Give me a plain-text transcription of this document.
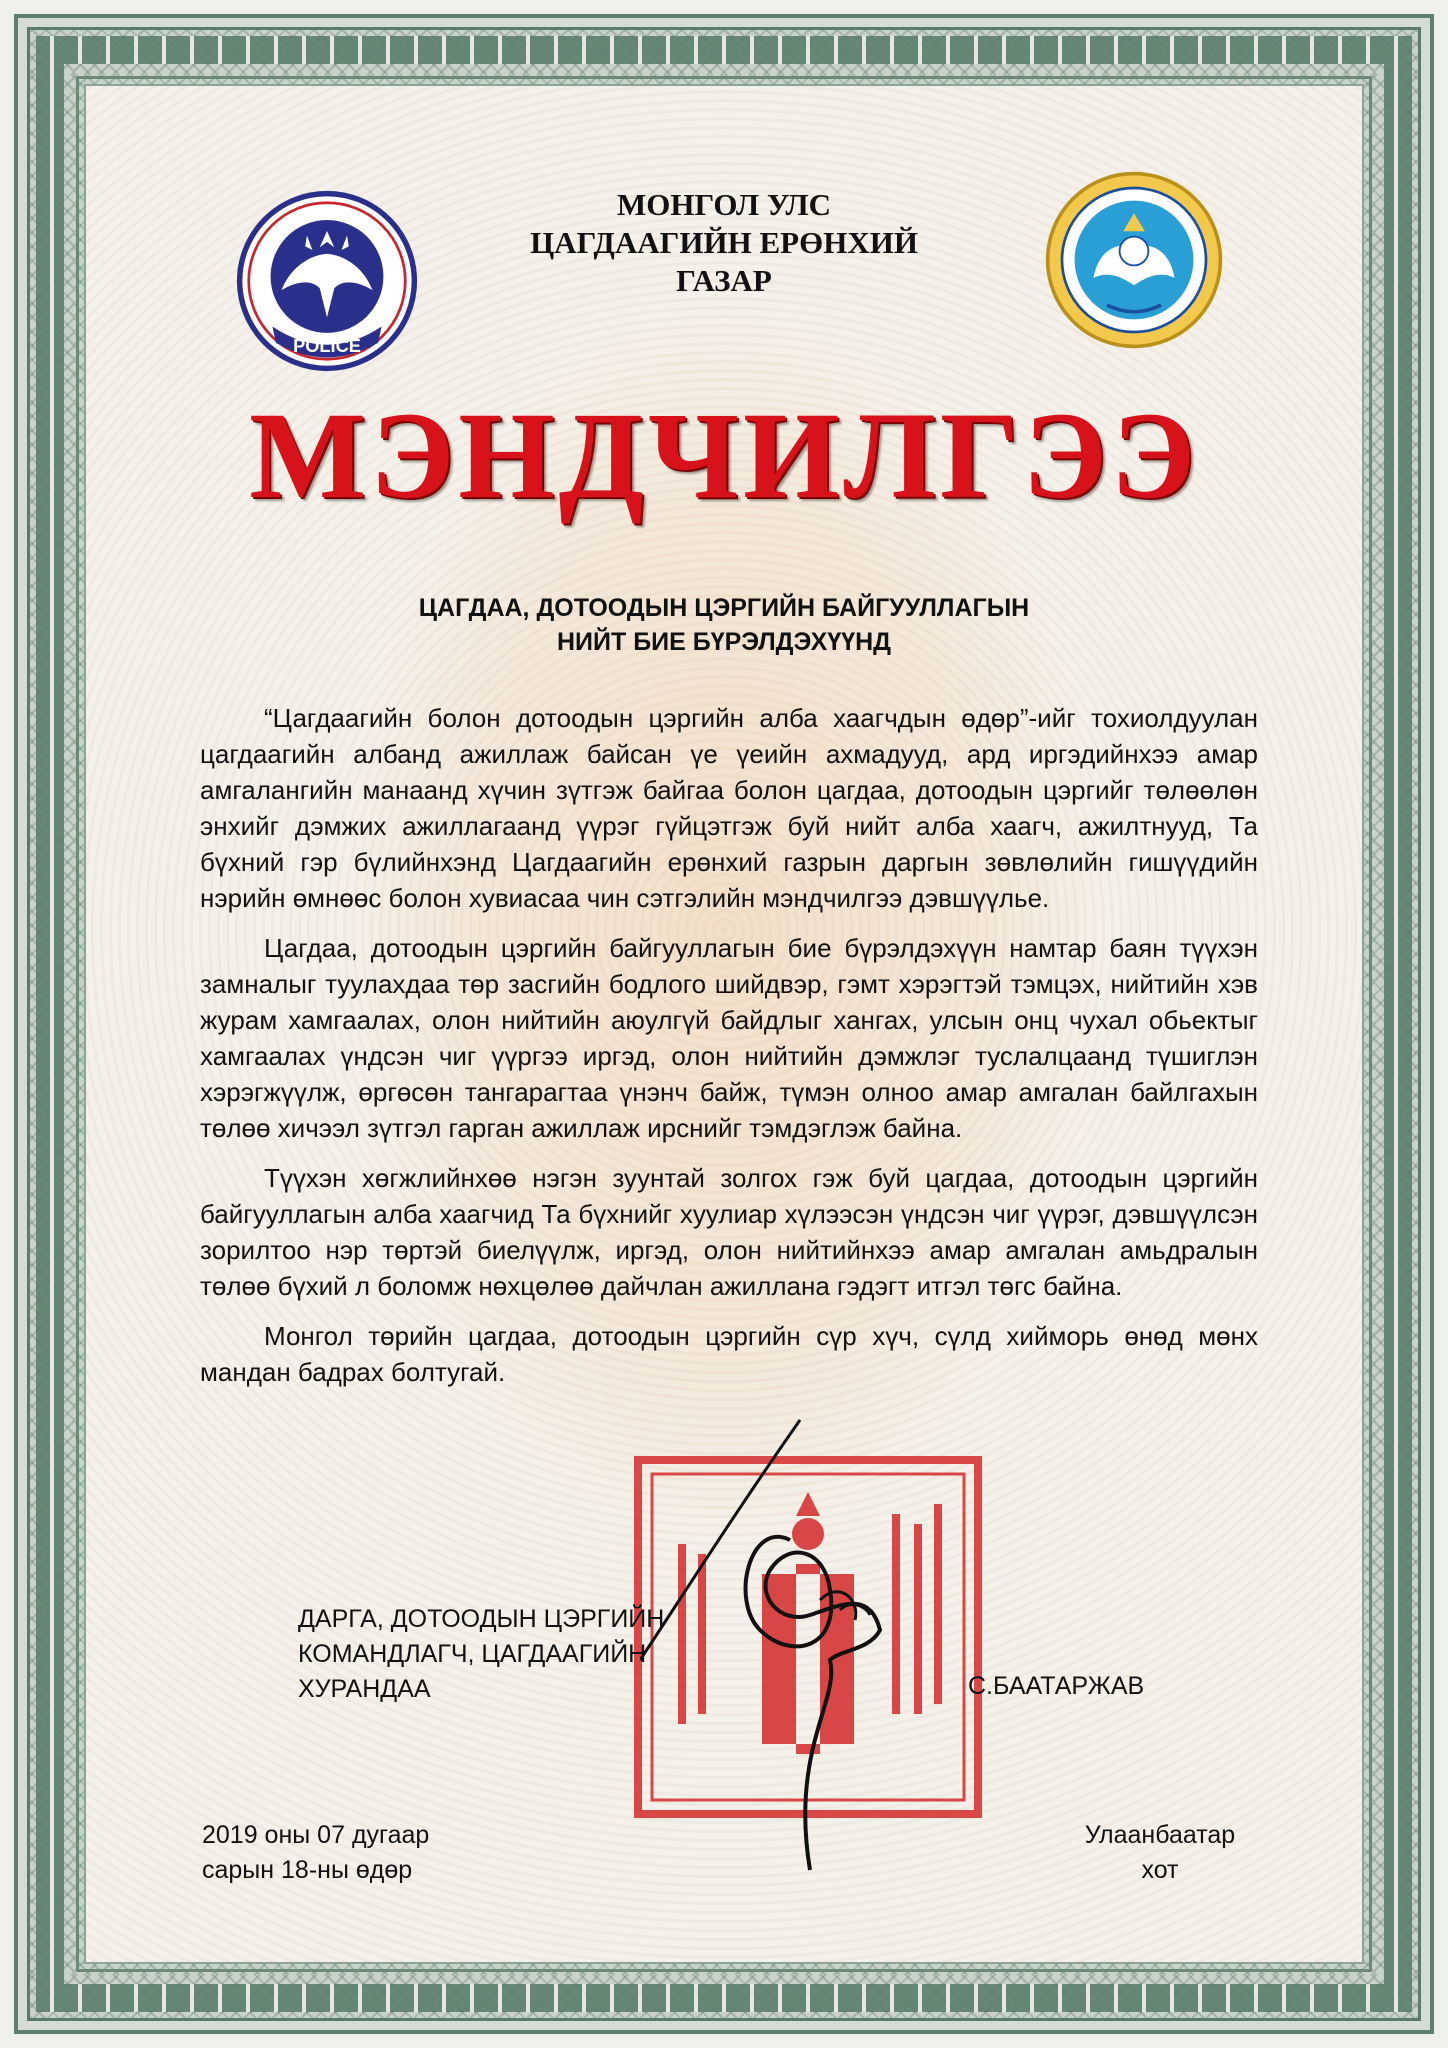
POLICE
МОНГОЛ УЛС
ЦАГДААГИЙН ЕРӨНХИЙ
ГАЗАР
МЭНДЧИЛГЭЭ
ЦАГДАА, ДОТООДЫН ЦЭРГИЙН БАЙГУУЛЛАГЫН
НИЙТ БИЕ БҮРЭЛДЭХҮҮНД

“Цагдаагийн болон дотоодын цэргийн алба хаагчдын өдөр”-ийг тохиолдуулан цагдаагийн албанд ажиллаж байсан үе үеийн ахмадууд, ард иргэдийнхээ амар амгалангийн манаанд хүчин зүтгэж байгаа болон цагдаа, дотоодын цэргийг төлөөлөн энхийг дэмжих ажиллагаанд үүрэг гүйцэтгэж буй нийт алба хаагч, ажилтнууд, Та бүхний гэр бүлийнхэнд Цагдаагийн ерөнхий газрын даргын зөвлөлийн гишүүдийн нэрийн өмнөөс болон хувиасаа чин сэтгэлийн мэндчилгээ дэвшүүлье.

Цагдаа, дотоодын цэргийн байгууллагын бие бүрэлдэхүүн намтар баян түүхэн замналыг туулахдаа төр засгийн бодлого шийдвэр, гэмт хэрэгтэй тэмцэх, нийтийн хэв журам хамгаалах, олон нийтийн аюулгүй байдлыг хангах, улсын онц чухал обьектыг хамгаалах үндсэн чиг үүргээ иргэд, олон нийтийн дэмжлэг туслалцаанд түшиглэн хэрэгжүүлж, өргөсөн тангарагтаа үнэнч байж, түмэн олноо амар амгалан байлгахын төлөө хичээл зүтгэл гарган ажиллаж ирснийг тэмдэглэж байна.

Түүхэн хөгжлийнхөө нэгэн зуунтай золгох гэж буй цагдаа, дотоодын цэргийн байгууллагын алба хаагчид Та бүхнийг хуулиар хүлээсэн үндсэн чиг үүрэг, дэвшүүлсэн зорилтоо нэр төртэй биелүүлж, иргэд, олон нийтийнхээ амар амгалан амьдралын төлөө бүхий л боломж нөхцөлөө дайчлан ажиллана гэдэгт итгэл төгс байна.

Монгол төрийн цагдаа, дотоодын цэргийн сүр хүч, сүлд хийморь өнөд мөнх мандан бадрах болтугай.

ДАРГА, ДОТООДЫН ЦЭРГИЙН
КОМАНДЛАГЧ, ЦАГДААГИЙН
ХУРАНДАА	С.БААТАРЖАВ
2019 оны 07 дугаар
сарын 18-ны өдөр
Улаанбаатар
хот
